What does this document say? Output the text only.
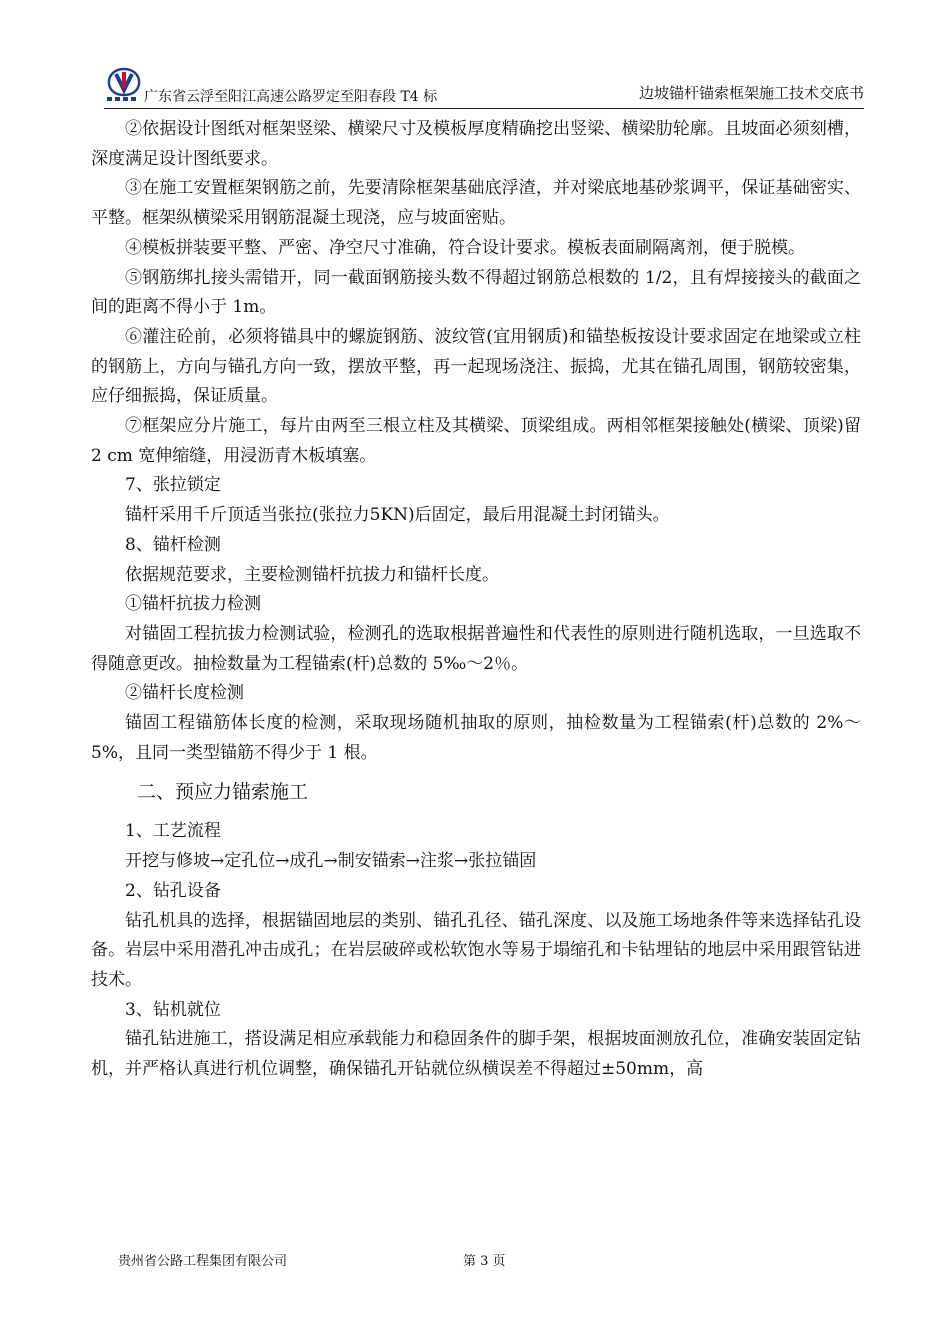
广东省云浮至阳江高速公路罗定至阳春段 T4 标	边坡锚杆锚索框架施工技术交底书

②依据设计图纸对框架竖梁、横梁尺寸及模板厚度精确挖出竖梁、横梁肋轮廓。且坡面必须刻槽，深度满足设计图纸要求。

③在施工安置框架钢筋之前，先要清除框架基础底浮渣，并对梁底地基砂浆调平，保证基础密实、平整。框架纵横梁采用钢筋混凝土现浇，应与坡面密贴。

④模板拼装要平整、严密、净空尺寸准确，符合设计要求。模板表面刷隔离剂，便于脱模。

⑤钢筋绑扎接头需错开，同一截面钢筋接头数不得超过钢筋总根数的 1/2，且有焊接接头的截面之间的距离不得小于 1m。

⑥灌注砼前，必须将锚具中的螺旋钢筋、波纹管(宜用钢质)和锚垫板按设计要求固定在地梁或立柱的钢筋上，方向与锚孔方向一致，摆放平整，再一起现场浇注、振捣，尤其在锚孔周围，钢筋较密集，应仔细振捣，保证质量。

⑦框架应分片施工，每片由两至三根立柱及其横梁、顶梁组成。两相邻框架接触处(横梁、顶梁)留 2 cm 宽伸缩缝，用浸沥青木板填塞。

7、张拉锁定

锚杆采用千斤顶适当张拉(张拉力5KN)后固定，最后用混凝土封闭锚头。

8、锚杆检测

依据规范要求，主要检测锚杆抗拔力和锚杆长度。

①锚杆抗拔力检测

对锚固工程抗拔力检测试验，检测孔的选取根据普遍性和代表性的原则进行随机选取，一旦选取不得随意更改。抽检数量为工程锚索(杆)总数的 5‰～2％。

②锚杆长度检测

锚固工程锚筋体长度的检测，采取现场随机抽取的原则，抽检数量为工程锚索(杆)总数的 2%～5%，且同一类型锚筋不得少于 1 根。

二、预应力锚索施工

1、工艺流程

开挖与修坡→定孔位→成孔→制安锚索→注浆→张拉锚固

2、钻孔设备

钻孔机具的选择，根据锚固地层的类别、锚孔孔径、锚孔深度、以及施工场地条件等来选择钻孔设备。岩层中采用潜孔冲击成孔；在岩层破碎或松软饱水等易于塌缩孔和卡钻埋钻的地层中采用跟管钻进技术。

3、钻机就位

锚孔钻进施工，搭设满足相应承载能力和稳固条件的脚手架，根据坡面测放孔位，准确安装固定钻机，并严格认真进行机位调整，确保锚孔开钻就位纵横误差不得超过±50mm，高

贵州省公路工程集团有限公司	第 3 页
